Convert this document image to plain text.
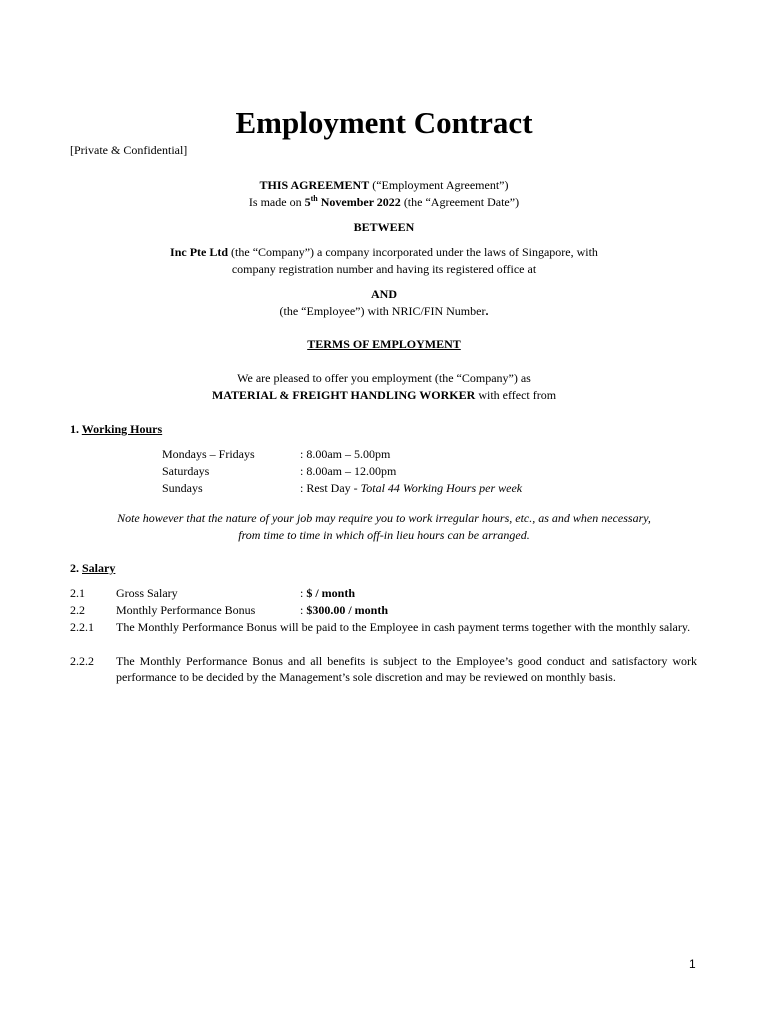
Employment Contract
[Private & Confidential]
THIS AGREEMENT (“Employment Agreement”)
Is made on 5th November 2022 (the “Agreement Date”)
BETWEEN
Inc Pte Ltd (the “Company”) a company incorporated under the laws of Singapore, with
company registration number and having its registered office at
AND
(the “Employee”) with NRIC/FIN Number.
TERMS OF EMPLOYMENT
We are pleased to offer you employment (the “Company”) as
MATERIAL & FREIGHT HANDLING WORKER with effect from
1. Working Hours
Mondays – Fridays	: 8.00am – 5.00pm
Saturdays	: 8.00am – 12.00pm
Sundays	: Rest Day - Total 44 Working Hours per week
Note however that the nature of your job may require you to work irregular hours, etc., as and when necessary,
from time to time in which off-in lieu hours can be arranged.
2. Salary
2.1	Gross Salary	: $ / month
2.2	Monthly Performance Bonus	: $300.00 / month
2.2.1 The Monthly Performance Bonus will be paid to the Employee in cash payment terms together with the monthly salary.
2.2.2 The Monthly Performance Bonus and all benefits is subject to the Employee’s good conduct and satisfactory work performance to be decided by the Management’s sole discretion and may be reviewed on monthly basis.
1
